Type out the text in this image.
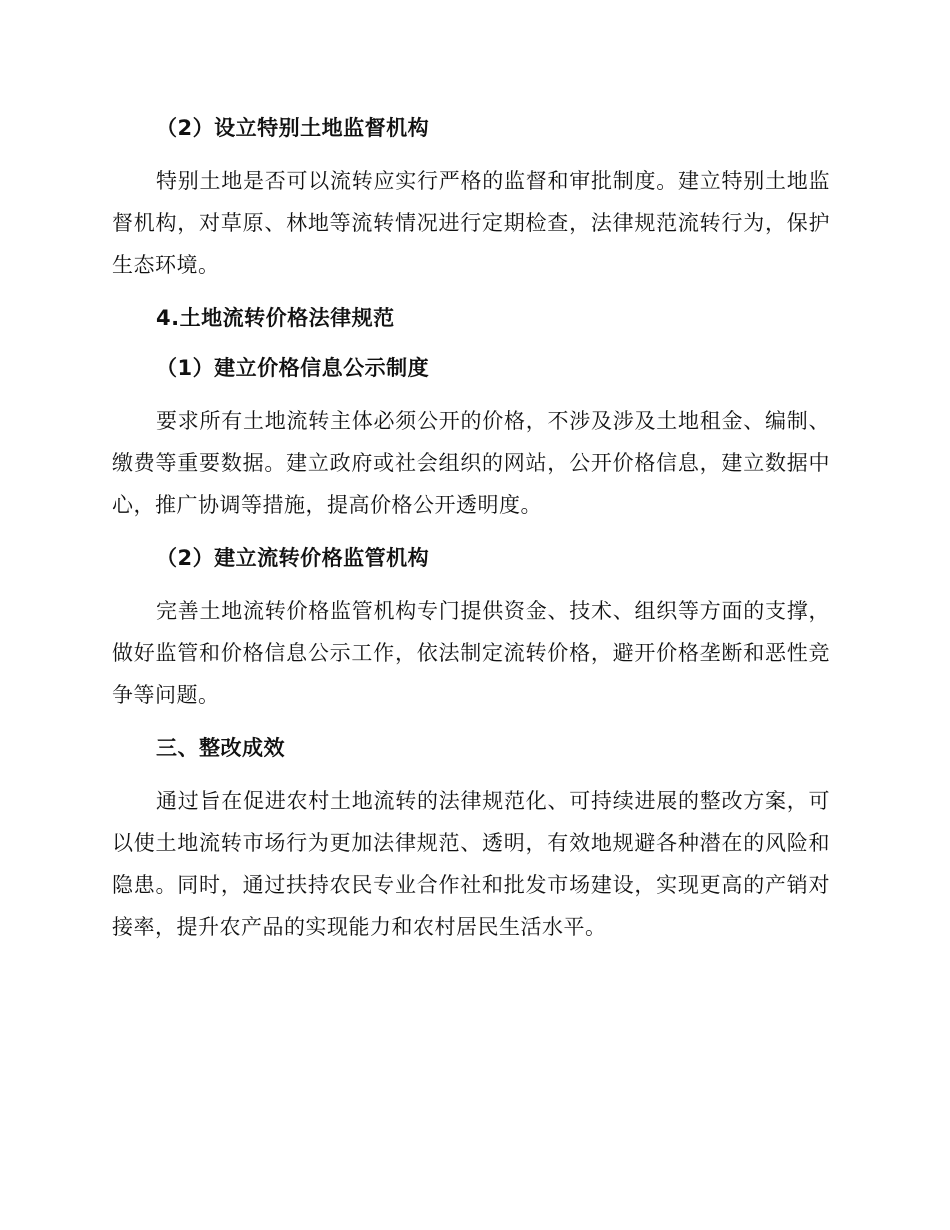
（2）设立特别土地监督机构

特别土地是否可以流转应实行严格的监督和审批制度。建立特别土地监督机构，对草原、林地等流转情况进行定期检查，法律规范流转行为，保护生态环境。

4.土地流转价格法律规范
（1）建立价格信息公示制度

要求所有土地流转主体必须公开的价格，不涉及涉及土地租金、编制、缴费等重要数据。建立政府或社会组织的网站，公开价格信息，建立数据中心，推广协调等措施，提高价格公开透明度。

（2）建立流转价格监管机构

完善土地流转价格监管机构专门提供资金、技术、组织等方面的支撑，做好监管和价格信息公示工作，依法制定流转价格，避开价格垄断和恶性竞争等问题。

三、整改成效

通过旨在促进农村土地流转的法律规范化、可持续进展的整改方案，可以使土地流转市场行为更加法律规范、透明，有效地规避各种潜在的风险和隐患。同时，通过扶持农民专业合作社和批发市场建设，实现更高的产销对接率，提升农产品的实现能力和农村居民生活水平。
